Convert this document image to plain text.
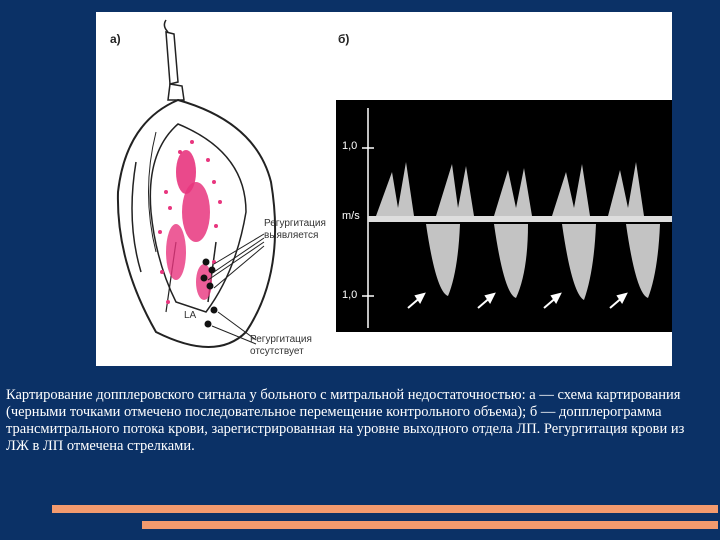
а)	б)
Регургитация выявляется
Регургитация отсутствует
LA
1,0
m/s
1,0
Картирование допплеровского сигнала у больного с митральной недостаточностью: а — схема картирования (черными точками отмечено последовательное перемещение контрольного объема); б — допплерограмма трансмитрального потока крови, зарегистрированная на уровне выходного отдела ЛП. Регургитация крови из ЛЖ в ЛП отмечена стрелками.
